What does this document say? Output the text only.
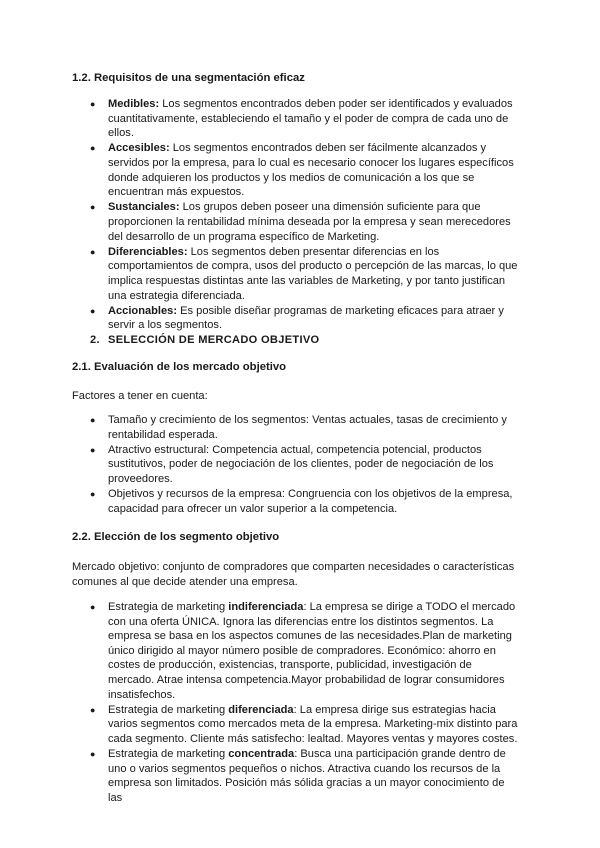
1.2. Requisitos de una segmentación eficaz

● Medibles: Los segmentos encontrados deben poder ser identificados y evaluados cuantitativamente, estableciendo el tamaño y el poder de compra de cada uno de ellos.
● Accesibles: Los segmentos encontrados deben ser fácilmente alcanzados y servidos por la empresa, para lo cual es necesario conocer los lugares específicos donde adquieren los productos y los medios de comunicación a los que se encuentran más expuestos.
● Sustanciales: Los grupos deben poseer una dimensión suficiente para que proporcionen la rentabilidad mínima deseada por la empresa y sean merecedores del desarrollo de un programa específico de Marketing.
● Diferenciables: Los segmentos deben presentar diferencias en los comportamientos de compra, usos del producto o percepción de las marcas, lo que implica respuestas distintas ante las variables de Marketing, y por tanto justifican una estrategia diferenciada.
● Accionables: Es posible diseñar programas de marketing eficaces para atraer y servir a los segmentos.

2. SELECCIÓN DE MERCADO OBJETIVO

2.1. Evaluación de los mercado objetivo

Factores a tener en cuenta:

● Tamaño y crecimiento de los segmentos: Ventas actuales, tasas de crecimiento y rentabilidad esperada.
● Atractivo estructural: Competencia actual, competencia potencial, productos sustitutivos, poder de negociación de los clientes, poder de negociación de los proveedores.
● Objetivos y recursos de la empresa: Congruencia con los objetivos de la empresa, capacidad para ofrecer un valor superior a la competencia.

2.2. Elección de los segmento objetivo

Mercado objetivo: conjunto de compradores que comparten necesidades o características comunes al que decide atender una empresa.

● Estrategia de marketing indiferenciada: La empresa se dirige a TODO el mercado con una oferta ÚNICA. Ignora las diferencias entre los distintos segmentos. La empresa se basa en los aspectos comunes de las necesidades.Plan de marketing único dirigido al mayor número posible de compradores. Económico: ahorro en costes de producción, existencias, transporte, publicidad, investigación de mercado. Atrae intensa competencia.Mayor probabilidad de lograr consumidores insatisfechos.
● Estrategia de marketing diferenciada: La empresa dirige sus estrategias hacia varios segmentos como mercados meta de la empresa. Marketing-mix distinto para cada segmento. Cliente más satisfecho: lealtad. Mayores ventas y mayores costes.
● Estrategia de marketing concentrada: Busca una participación grande dentro de uno o varios segmentos pequeños o nichos. Atractiva cuando los recursos de la empresa son limitados. Posición más sólida gracias a un mayor conocimiento de las
